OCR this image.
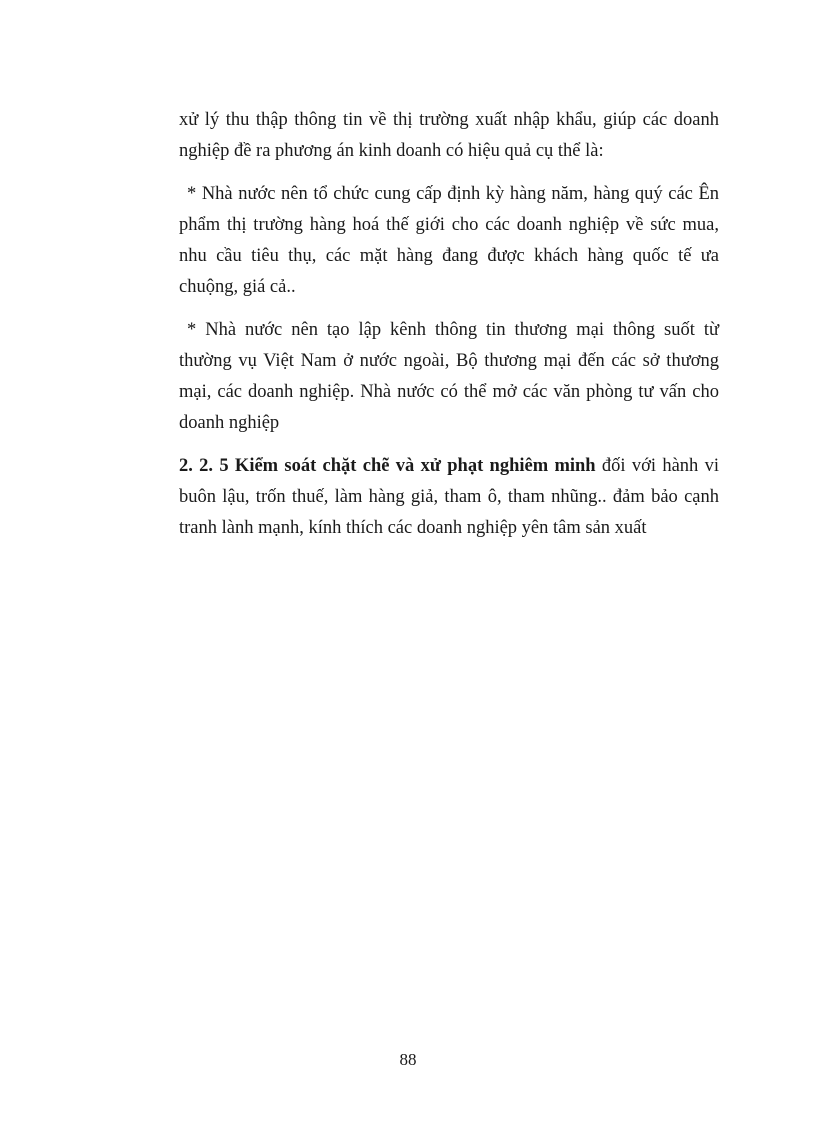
xử lý thu thập thông tin về thị trường xuất nhập khẩu, giúp các doanh nghiệp đề ra phương án kinh doanh có hiệu quả cụ thể là:

* Nhà nước nên tổ chức cung cấp định kỳ hàng năm, hàng quý các Ên phẩm thị trường hàng hoá thế giới cho các doanh nghiệp về sức mua, nhu cầu tiêu thụ, các mặt hàng đang được khách hàng quốc tế ưa chuộng, giá cả..

* Nhà nước nên tạo lập kênh thông tin thương mại thông suốt từ thường vụ Việt Nam ở nước ngoài, Bộ thương mại đến các sở thương mại, các doanh nghiệp. Nhà nước có thể mở các văn phòng tư vấn cho doanh nghiệp

2. 2. 5 Kiểm soát chặt chẽ và xử phạt nghiêm minh đối với hành vi buôn lậu, trốn thuế, làm hàng giả, tham ô, tham nhũng.. đảm bảo cạnh tranh lành mạnh, kính thích các doanh nghiệp yên tâm sản xuất

88
